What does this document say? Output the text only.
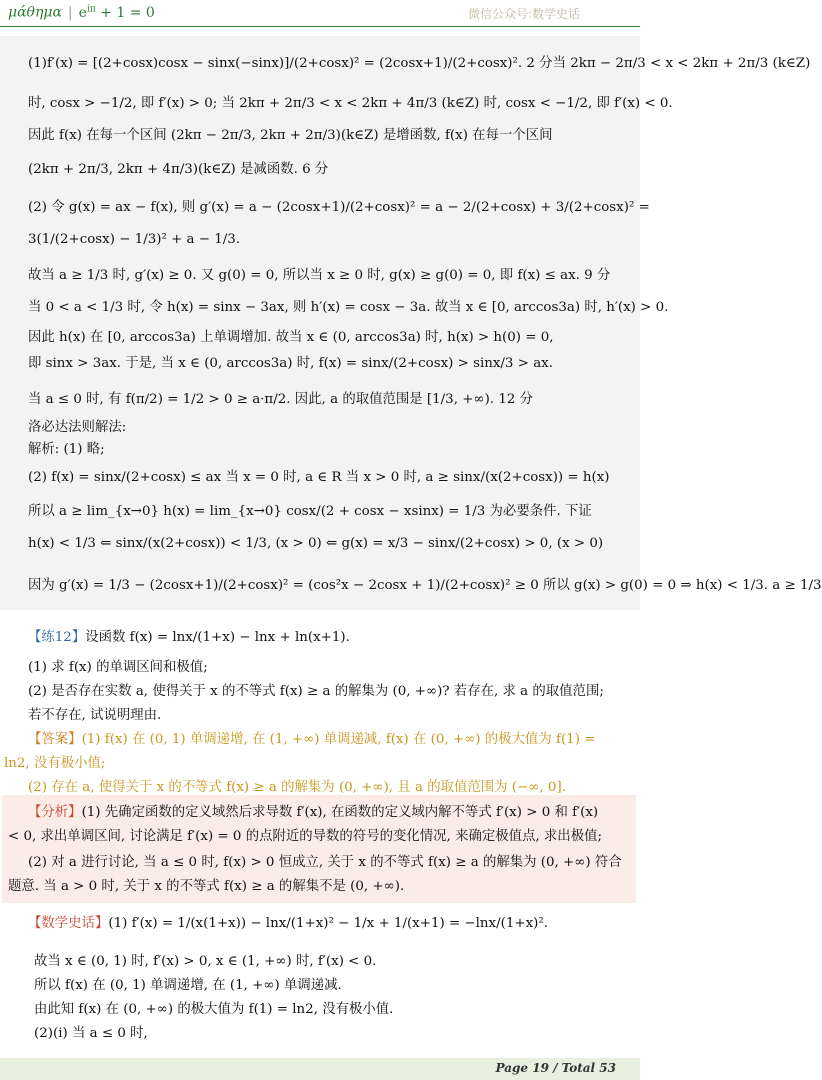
μάθημα | $e^{i\pi} + 1 = 0$	微信公众号:数学史话
(1)f′(x) = [(2+cosx)cosx − sinx(−sinx)]/(2+cosx)² = (2cosx+1)/(2+cosx)². 2 分当 2kπ − 2π/3 < x < 2kπ + 2π/3 (k∈Z)
时, cosx > −1/2, 即 f′(x) > 0; 当 2kπ + 2π/3 < x < 2kπ + 4π/3 (k∈Z) 时, cosx < −1/2, 即 f′(x) < 0.
因此 f(x) 在每一个区间 (2kπ − 2π/3, 2kπ + 2π/3)(k∈Z) 是增函数, f(x) 在每一个区间
(2kπ + 2π/3, 2kπ + 4π/3)(k∈Z) 是减函数. 6 分
(2) 令 g(x) = ax − f(x), 则 g′(x) = a − (2cosx+1)/(2+cosx)² = a − 2/(2+cosx) + 3/(2+cosx)² =
3(1/(2+cosx) − 1/3)² + a − 1/3.
故当 a ≥ 1/3 时, g′(x) ≥ 0. 又 g(0) = 0, 所以当 x ≥ 0 时, g(x) ≥ g(0) = 0, 即 f(x) ≤ ax. 9 分
当 0 < a < 1/3 时, 令 h(x) = sinx − 3ax, 则 h′(x) = cosx − 3a. 故当 x ∈ [0, arccos3a) 时, h′(x) > 0.
因此 h(x) 在 [0, arccos3a) 上单调增加. 故当 x ∈ (0, arccos3a) 时, h(x) > h(0) = 0,
即 sinx > 3ax. 于是, 当 x ∈ (0, arccos3a) 时, f(x) = sinx/(2+cosx) > sinx/3 > ax.
当 a ≤ 0 时, 有 f(π/2) = 1/2 > 0 ≥ a·π/2. 因此, a 的取值范围是 [1/3, +∞). 12 分
洛必达法则解法:
解析: (1) 略;
(2) f(x) = sinx/(2+cosx) ≤ ax 当 x = 0 时, a ∈ R 当 x > 0 时, a ≥ sinx/(x(2+cosx)) = h(x)
所以 a ≥ lim_{x→0} h(x) = lim_{x→0} cosx/(2 + cosx − xsinx) = 1/3 为必要条件. 下证
h(x) < 1/3 ⇐ sinx/(x(2+cosx)) < 1/3, (x > 0) ⇐ g(x) = x/3 − sinx/(2+cosx) > 0, (x > 0)
因为 g′(x) = 1/3 − (2cosx+1)/(2+cosx)² = (cos²x − 2cosx + 1)/(2+cosx)² ≥ 0 所以 g(x) > g(0) = 0 ⇒ h(x) < 1/3. a ≥ 1/3
【练12】设函数 f(x) = lnx/(1+x) − lnx + ln(x+1).
(1) 求 f(x) 的单调区间和极值;
(2) 是否存在实数 a, 使得关于 x 的不等式 f(x) ≥ a 的解集为 (0, +∞)? 若存在, 求 a 的取值范围;
若不存在, 试说明理由.
【答案】(1) f(x) 在 (0, 1) 单调递增, 在 (1, +∞) 单调递减, f(x) 在 (0, +∞) 的极大值为 f(1) =
ln2, 没有极小值;
(2) 存在 a, 使得关于 x 的不等式 f(x) ≥ a 的解集为 (0, +∞), 且 a 的取值范围为 (−∞, 0].
【分析】(1) 先确定函数的定义域然后求导数 f′(x), 在函数的定义域内解不等式 f′(x) > 0 和 f′(x)
< 0, 求出单调区间, 讨论满足 f′(x) = 0 的点附近的导数的符号的变化情况, 来确定极值点, 求出极值;
(2) 对 a 进行讨论, 当 a ≤ 0 时, f(x) > 0 恒成立, 关于 x 的不等式 f(x) ≥ a 的解集为 (0, +∞) 符合
题意. 当 a > 0 时, 关于 x 的不等式 f(x) ≥ a 的解集不是 (0, +∞).
【数学史话】(1) f′(x) = 1/(x(1+x)) − lnx/(1+x)² − 1/x + 1/(x+1) = −lnx/(1+x)².
故当 x ∈ (0, 1) 时, f′(x) > 0, x ∈ (1, +∞) 时, f′(x) < 0.
所以 f(x) 在 (0, 1) 单调递增, 在 (1, +∞) 单调递减.
由此知 f(x) 在 (0, +∞) 的极大值为 f(1) = ln2, 没有极小值.
(2)(ⅰ) 当 a ≤ 0 时,
Page 19 / Total 53
